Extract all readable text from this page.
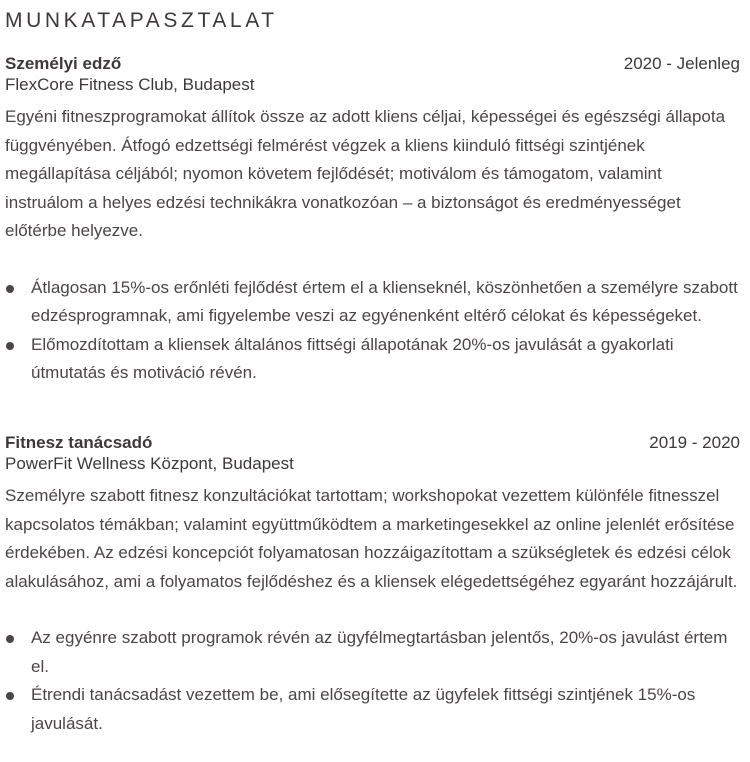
MUNKATAPASZTALAT
Személyi edző	2020 - Jelenleg
FlexCore Fitness Club, Budapest

Egyéni fitneszprogramokat állítok össze az adott kliens céljai, képességei és egészségi állapota függvényében. Átfogó edzettségi felmérést végzek a kliens kiinduló fittségi szintjének megállapítása céljából; nyomon követem fejlődését; motiválom és támogatom, valamint instruálom a helyes edzési technikákra vonatkozóan – a biztonságot és eredményességet előtérbe helyezve.

Átlagosan 15%-os erőnléti fejlődést értem el a klienseknél, köszönhetően a személyre szabott edzésprogramnak, ami figyelembe veszi az egyénenként eltérő célokat és képességeket.
Előmozdítottam a kliensek általános fittségi állapotának 20%-os javulását a gyakorlati útmutatás és motiváció révén.
Fitnesz tanácsadó	2019 - 2020
PowerFit Wellness Központ, Budapest

Személyre szabott fitnesz konzultációkat tartottam; workshopokat vezettem különféle fitnesszel kapcsolatos témákban; valamint együttműködtem a marketingesekkel az online jelenlét erősítése érdekében. Az edzési koncepciót folyamatosan hozzáigazítottam a szükségletek és edzési célok alakulásához, ami a folyamatos fejlődéshez és a kliensek elégedettségéhez egyaránt hozzájárult.

Az egyénre szabott programok révén az ügyfélmegtartásban jelentős, 20%-os javulást értem el.
Étrendi tanácsadást vezettem be, ami elősegítette az ügyfelek fittségi szintjének 15%-os javulását.
